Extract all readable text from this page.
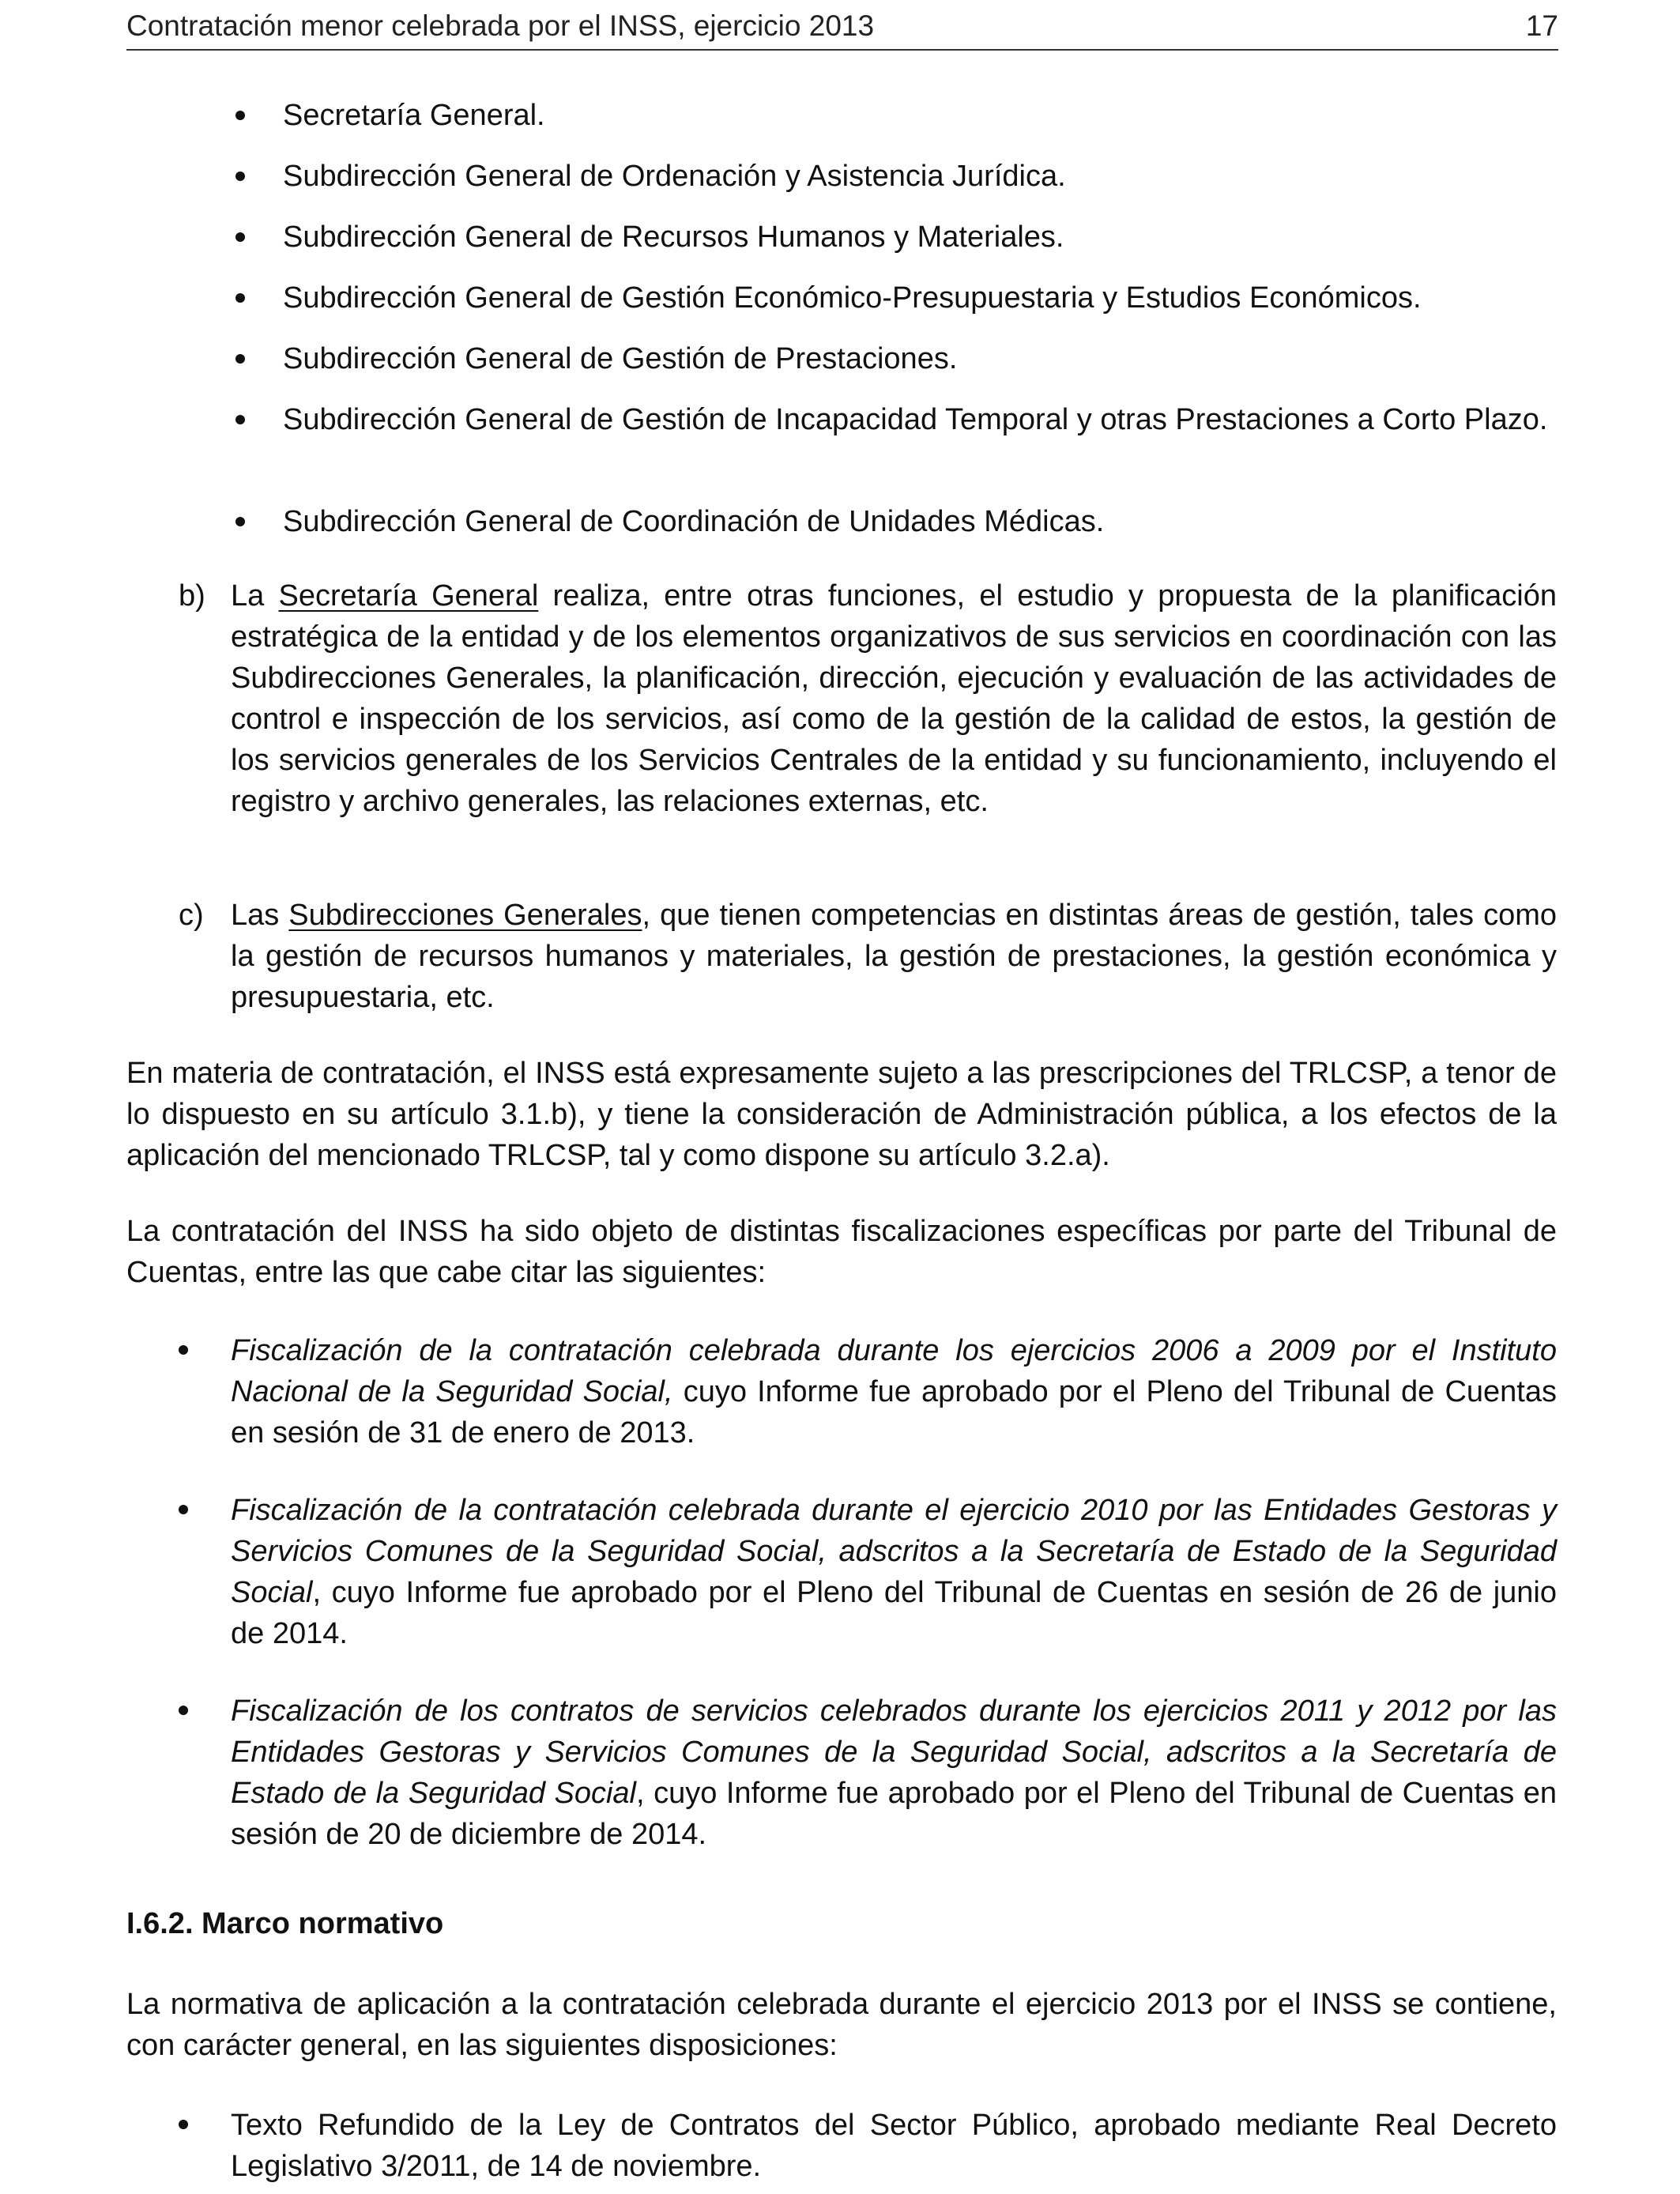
Contratación menor celebrada por el INSS, ejercicio 2013	17
Secretaría General.
Subdirección General de Ordenación y Asistencia Jurídica.
Subdirección General de Recursos Humanos y Materiales.
Subdirección General de Gestión Económico-Presupuestaria y Estudios Económicos.
Subdirección General de Gestión de Prestaciones.
Subdirección General de Gestión de Incapacidad Temporal y otras Prestaciones a Corto Plazo.
Subdirección General de Coordinación de Unidades Médicas.
b) La Secretaría General realiza, entre otras funciones, el estudio y propuesta de la planificación estratégica de la entidad y de los elementos organizativos de sus servicios en coordinación con las Subdirecciones Generales, la planificación, dirección, ejecución y evaluación de las actividades de control e inspección de los servicios, así como de la gestión de la calidad de estos, la gestión de los servicios generales de los Servicios Centrales de la entidad y su funcionamiento, incluyendo el registro y archivo generales, las relaciones externas, etc.
c) Las Subdirecciones Generales, que tienen competencias en distintas áreas de gestión, tales como la gestión de recursos humanos y materiales, la gestión de prestaciones, la gestión económica y presupuestaria, etc.
En materia de contratación, el INSS está expresamente sujeto a las prescripciones del TRLCSP, a tenor de lo dispuesto en su artículo 3.1.b), y tiene la consideración de Administración pública, a los efectos de la aplicación del mencionado TRLCSP, tal y como dispone su artículo 3.2.a).
La contratación del INSS ha sido objeto de distintas fiscalizaciones específicas por parte del Tribunal de Cuentas, entre las que cabe citar las siguientes:
Fiscalización de la contratación celebrada durante los ejercicios 2006 a 2009 por el Instituto Nacional de la Seguridad Social, cuyo Informe fue aprobado por el Pleno del Tribunal de Cuentas en sesión de 31 de enero de 2013.
Fiscalización de la contratación celebrada durante el ejercicio 2010 por las Entidades Gestoras y Servicios Comunes de la Seguridad Social, adscritos a la Secretaría de Estado de la Seguridad Social, cuyo Informe fue aprobado por el Pleno del Tribunal de Cuentas en sesión de 26 de junio de 2014.
Fiscalización de los contratos de servicios celebrados durante los ejercicios 2011 y 2012 por las Entidades Gestoras y Servicios Comunes de la Seguridad Social, adscritos a la Secretaría de Estado de la Seguridad Social, cuyo Informe fue aprobado por el Pleno del Tribunal de Cuentas en sesión de 20 de diciembre de 2014.
I.6.2. Marco normativo
La normativa de aplicación a la contratación celebrada durante el ejercicio 2013 por el INSS se contiene, con carácter general, en las siguientes disposiciones:
Texto Refundido de la Ley de Contratos del Sector Público, aprobado mediante Real Decreto Legislativo 3/2011, de 14 de noviembre.
